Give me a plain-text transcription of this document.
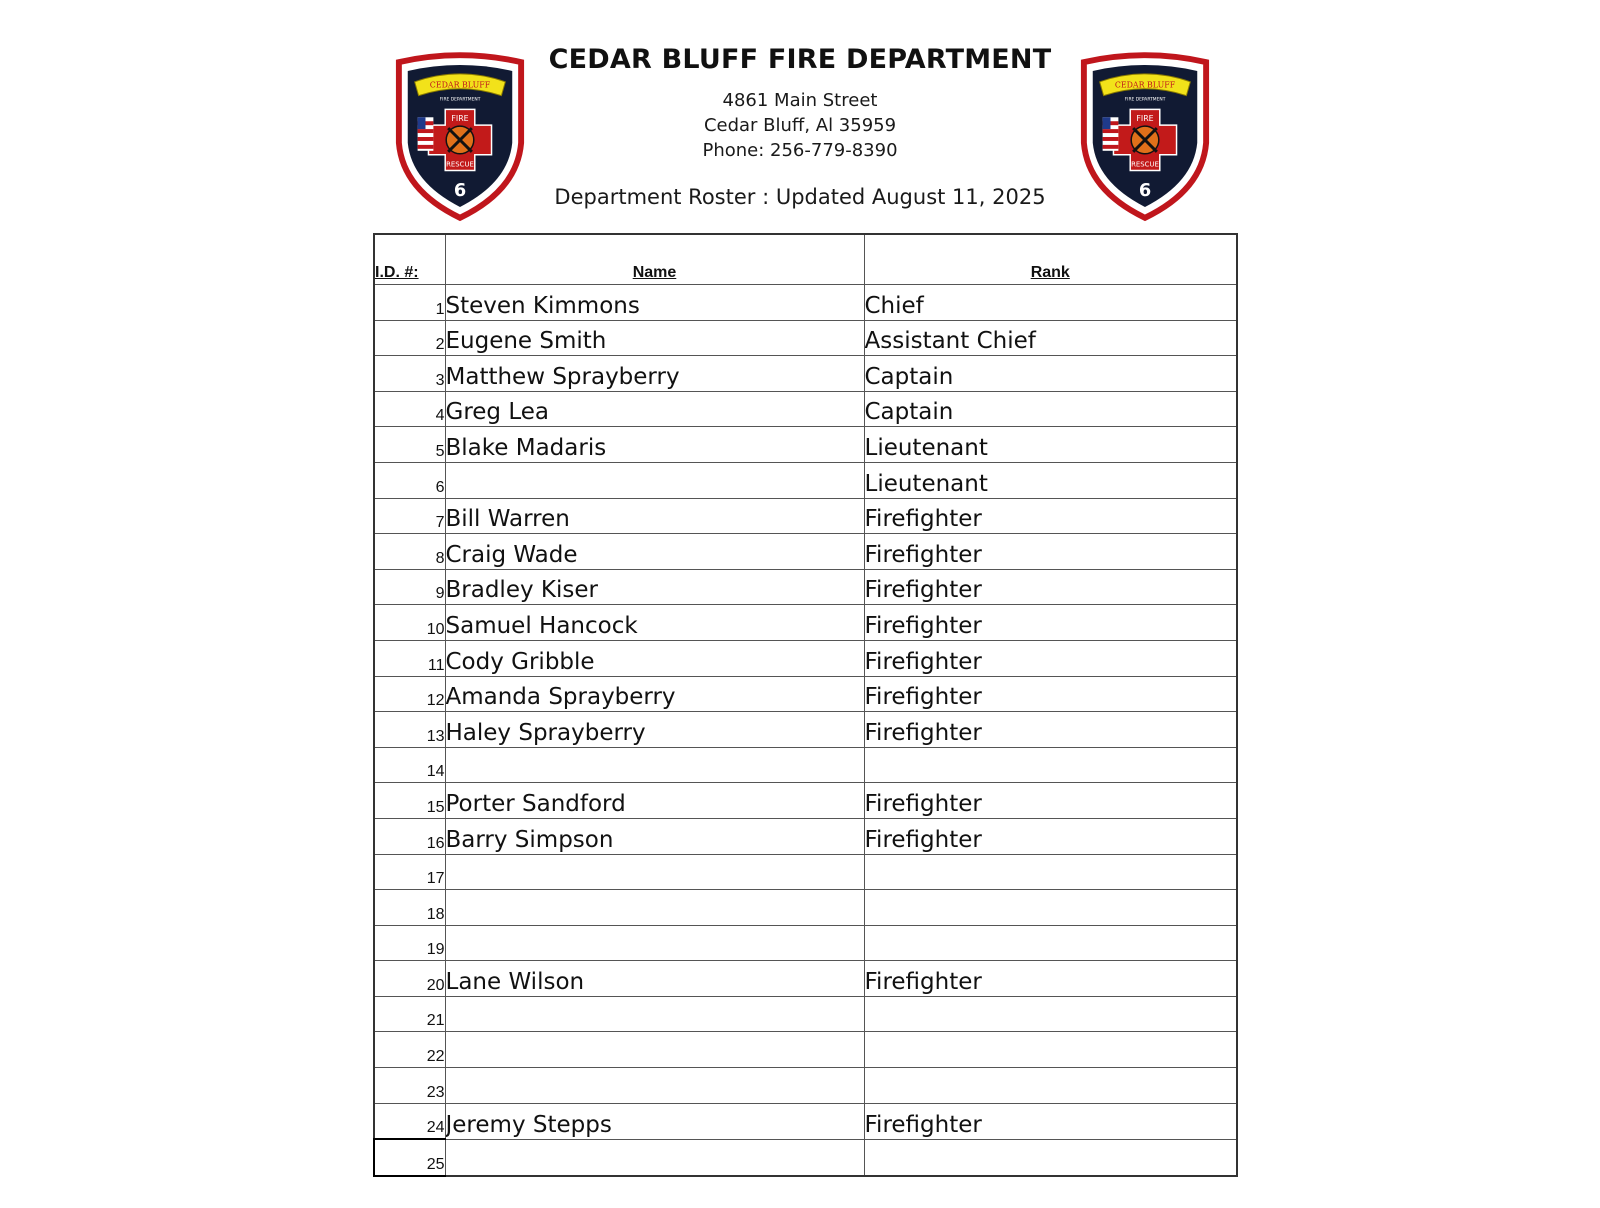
CEDAR BLUFF
FIRE DEPARTMENT
FIRE
RESCUE
6
CEDAR BLUFF FIRE DEPARTMENT
4861 Main Street
Cedar Bluff, Al 35959
Phone: 256-779-8390
Department Roster : Updated August 11, 2025
CEDAR BLUFF
FIRE DEPARTMENT
FIRE
RESCUE
6
I.D. #:	Name	Rank
1	Steven Kimmons	Chief
2	Eugene Smith	Assistant Chief
3	Matthew Sprayberry	Captain
4	Greg Lea	Captain
5	Blake Madaris	Lieutenant
6		Lieutenant
7	Bill Warren	Firefighter
8	Craig Wade	Firefighter
9	Bradley Kiser	Firefighter
10	Samuel Hancock	Firefighter
11	Cody Gribble	Firefighter
12	Amanda Sprayberry	Firefighter
13	Haley Sprayberry	Firefighter
14		
15	Porter Sandford	Firefighter
16	Barry Simpson	Firefighter
17		
18		
19		
20	Lane Wilson	Firefighter
21		
22		
23		
24	Jeremy Stepps	Firefighter
25		
